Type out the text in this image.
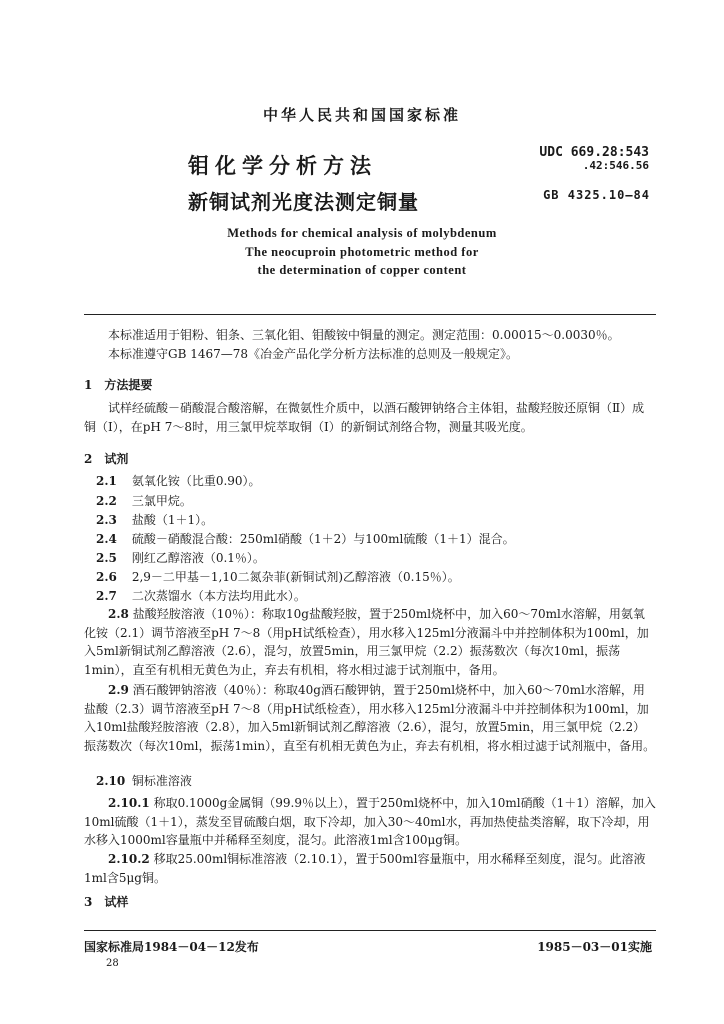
中华人民共和国国家标准
钼化学分析方法
新铜试剂光度法测定铜量
UDC 669.28:543
.42:546.56
GB 4325.10—84
Methods for chemical analysis of molybdenum
The neocuproin photometric method for
the determination of copper content
本标准适用于钼粉、钼条、三氧化钼、钼酸铵中铜量的测定。测定范围：0.00015～0.0030％。
本标准遵守GB 1467—78《冶金产品化学分析方法标准的总则及一般规定》。
1　方法提要
试样经硫酸－硝酸混合酸溶解，在微氨性介质中，以酒石酸钾钠络合主体钼，盐酸羟胺还原铜（Ⅱ）成铜（Ⅰ），在pH 7～8时，用三氯甲烷萃取铜（Ⅰ）的新铜试剂络合物，测量其吸光度。
2　试剂
2.1 氨氧化铵（比重0.90）。
2.2 三氯甲烷。
2.3 盐酸（1＋1）。
2.4 硫酸－硝酸混合酸：250ml硝酸（1＋2）与100ml硫酸（1＋1）混合。
2.5 刚红乙醇溶液（0.1％）。
2.6 2,9－二甲基－1,10二氮杂菲(新铜试剂)乙醇溶液（0.15％）。
2.7 二次蒸馏水（本方法均用此水）。
2.8 盐酸羟胺溶液（10％）：称取10g盐酸羟胺，置于250ml烧杯中，加入60～70ml水溶解，用氨氧化铵（2.1）调节溶液至pH 7～8（用pH试纸检查），用水移入125ml分液漏斗中并控制体积为100ml，加入5ml新铜试剂乙醇溶液（2.6），混匀，放置5min，用三氯甲烷（2.2）振荡数次（每次10ml，振荡1min），直至有机相无黄色为止，弃去有机相，将水相过滤于试剂瓶中，备用。
2.9 酒石酸钾钠溶液（40％）：称取40g酒石酸钾钠，置于250ml烧杯中，加入60～70ml水溶解，用盐酸（2.3）调节溶液至pH 7～8（用pH试纸检查），用水移入125ml分液漏斗中并控制体积为100ml，加入10ml盐酸羟胺溶液（2.8），加入5ml新铜试剂乙醇溶液（2.6），混匀，放置5min，用三氯甲烷（2.2）振荡数次（每次10ml，振荡1min），直至有机相无黄色为止，弃去有机相，将水相过滤于试剂瓶中，备用。
2.10 铜标准溶液
2.10.1 称取0.1000g金属铜（99.9％以上），置于250ml烧杯中，加入10ml硝酸（1＋1）溶解，加入10ml硫酸（1＋1），蒸发至冒硫酸白烟，取下冷却，加入30～40ml水，再加热使盐类溶解，取下冷却，用水移入1000ml容量瓶中并稀释至刻度，混匀。此溶液1ml含100μg铜。
2.10.2 移取25.00ml铜标准溶液（2.10.1），置于500ml容量瓶中，用水稀释至刻度，混匀。此溶液1ml含5μg铜。
3　试样
国家标准局1984－04－12发布	1985－03－01实施
28
